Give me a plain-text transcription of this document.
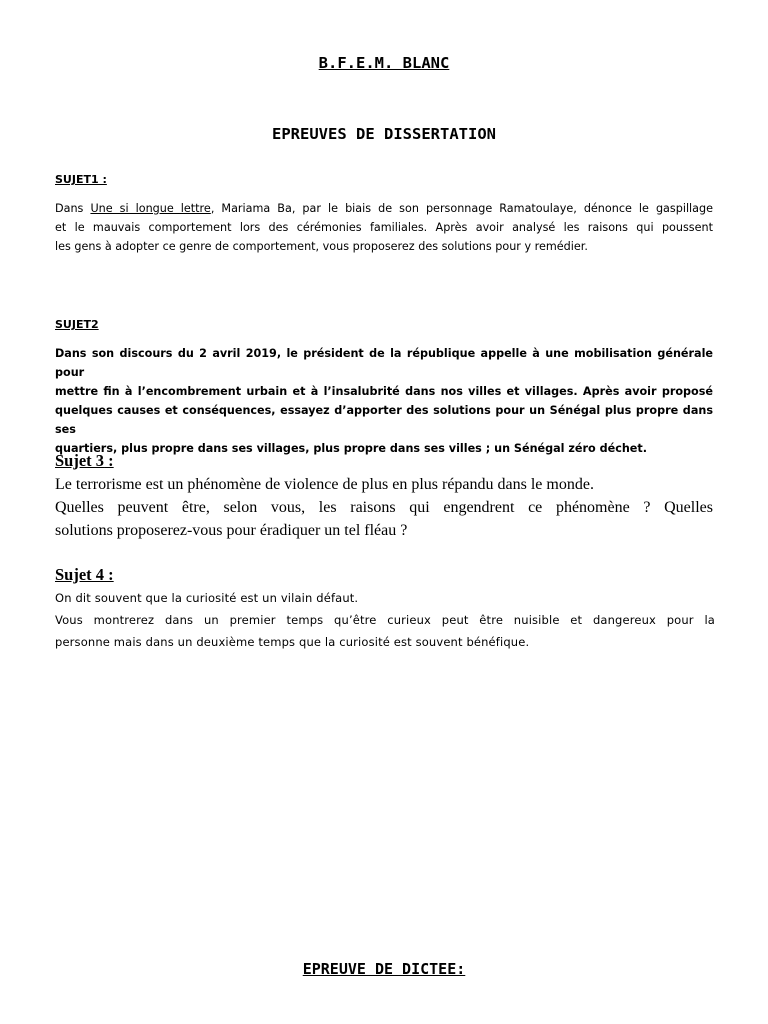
B.F.E.M. BLANC
EPREUVES DE DISSERTATION
SUJET1 :
Dans Une si longue lettre, Mariama Ba, par le biais de son personnage Ramatoulaye, dénonce le gaspillage
et le mauvais comportement lors des cérémonies familiales. Après avoir analysé les raisons qui poussent
les gens à adopter ce genre de comportement, vous proposerez des solutions pour y remédier.
SUJET2
Dans son discours du 2 avril 2019, le président de la république appelle à une mobilisation générale pour
mettre fin à l’encombrement urbain et à l’insalubrité dans nos villes et villages. Après avoir proposé
quelques causes et conséquences, essayez d’apporter des solutions pour un Sénégal plus propre dans ses
quartiers, plus propre dans ses villages, plus propre dans ses villes ; un Sénégal zéro déchet.
Sujet 3 :
Le terrorisme est un phénomène de violence de plus en plus répandu dans le monde.
Quelles peuvent être, selon vous, les raisons qui engendrent ce phénomène ? Quelles
solutions proposerez-vous pour éradiquer un tel fléau ?
Sujet 4 :
On dit souvent que la curiosité est un vilain défaut.
Vous montrerez dans un premier temps qu’être curieux peut être nuisible et dangereux pour la
personne mais dans un deuxième temps que la curiosité est souvent bénéfique.
EPREUVE DE DICTEE:
